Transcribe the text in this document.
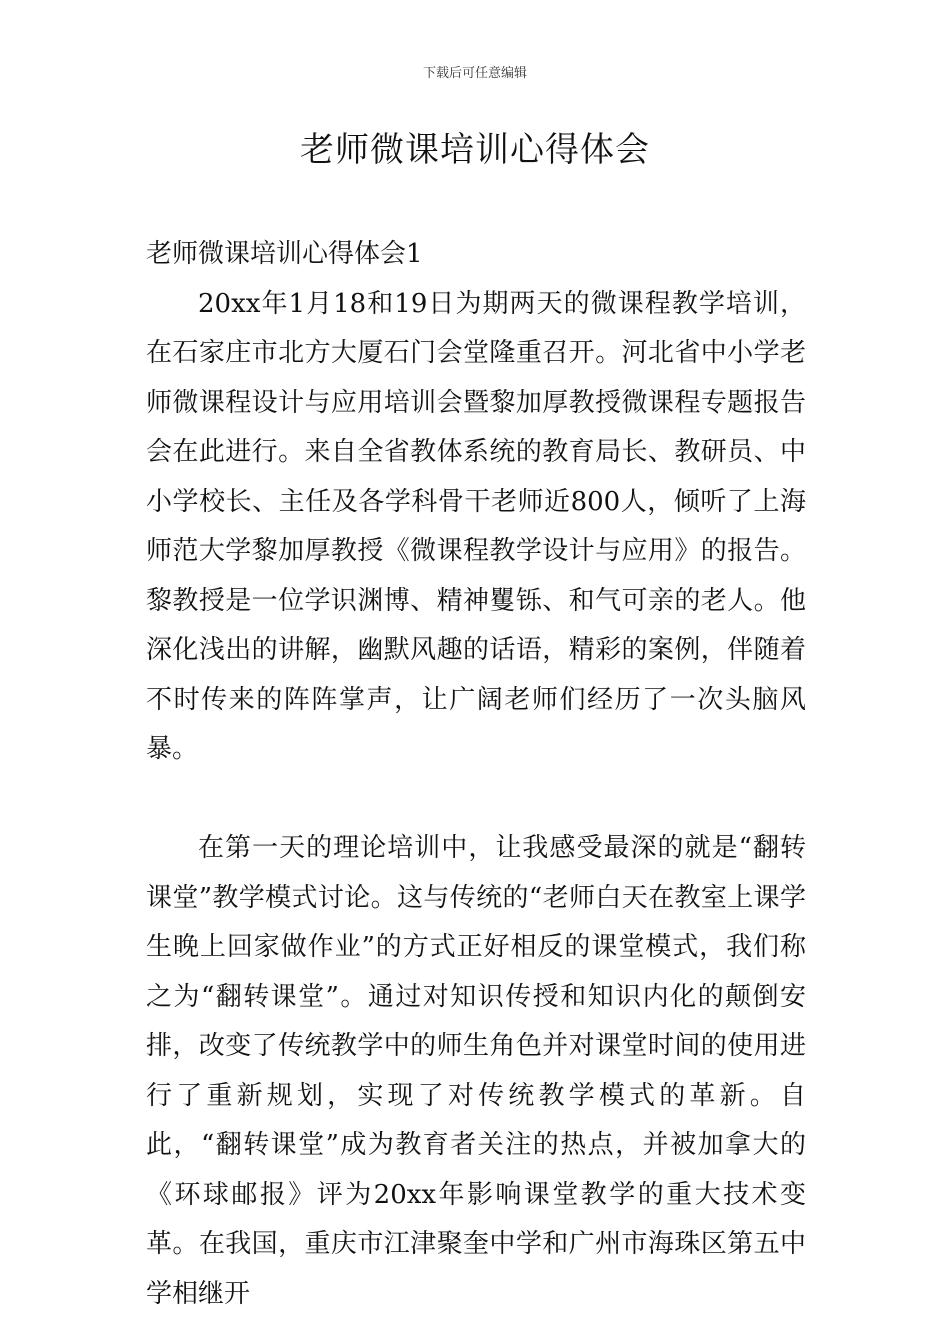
下载后可任意编辑
老师微课培训心得体会
老师微课培训心得体会1

20xx年1月18和19日为期两天的微课程教学培训，在石家庄市北方大厦石门会堂隆重召开。河北省中小学老师微课程设计与应用培训会暨黎加厚教授微课程专题报告会在此进行。来自全省教体系统的教育局长、教研员、中小学校长、主任及各学科骨干老师近800人，倾听了上海师范大学黎加厚教授《微课程教学设计与应用》的报告。黎教授是一位学识渊博、精神矍铄、和气可亲的老人。他深化浅出的讲解，幽默风趣的话语，精彩的案例，伴随着不时传来的阵阵掌声，让广阔老师们经历了一次头脑风暴。

在第一天的理论培训中，让我感受最深的就是“翻转课堂”教学模式讨论。这与传统的“老师白天在教室上课学生晚上回家做作业”的方式正好相反的课堂模式，我们称之为“翻转课堂”。通过对知识传授和知识内化的颠倒安排，改变了传统教学中的师生角色并对课堂时间的使用进行了重新规划，实现了对传统教学模式的革新。自此，“翻转课堂”成为教育者关注的热点，并被加拿大的《环球邮报》评为20xx年影响课堂教学的重大技术变革。在我国，重庆市江津聚奎中学和广州市海珠区第五中学相继开
